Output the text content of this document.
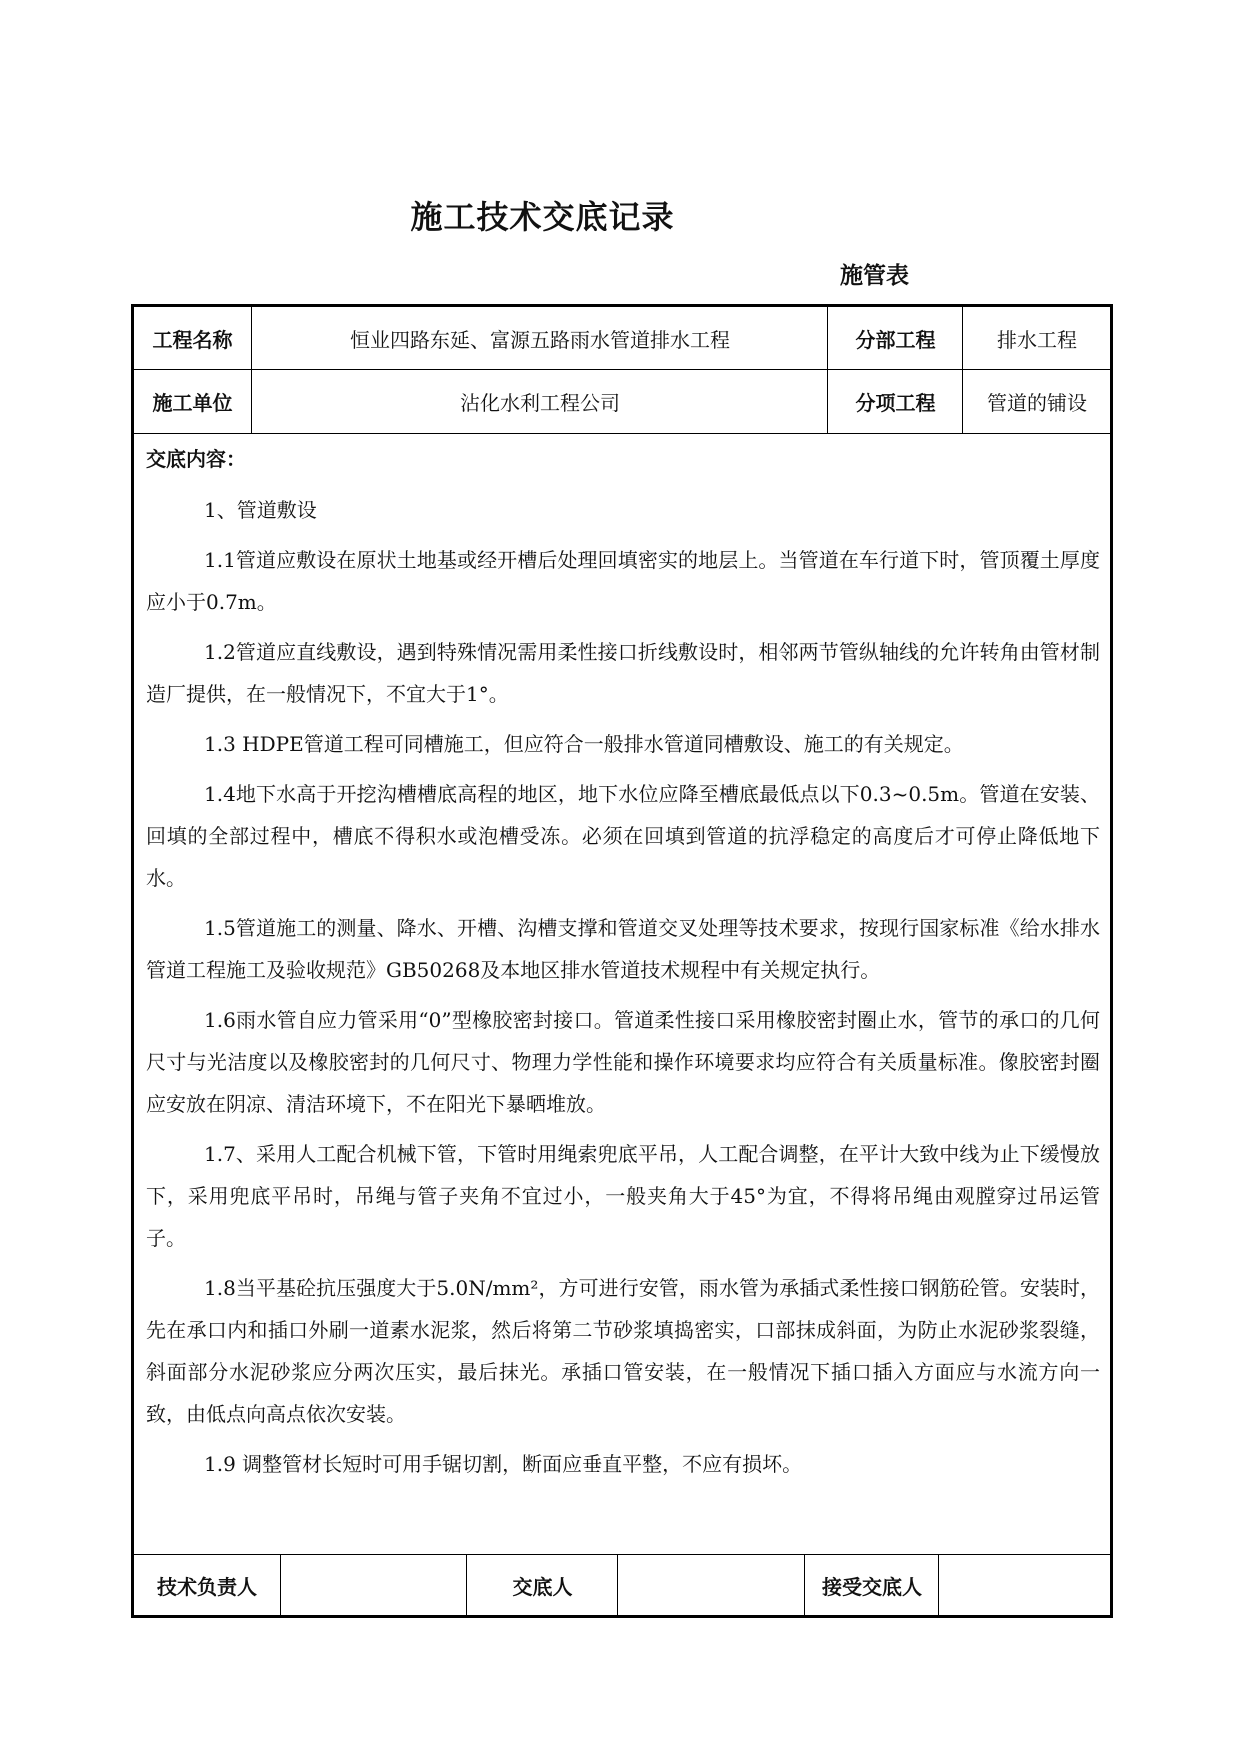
施工技术交底记录
施管表
工程名称	恒业四路东延、富源五路雨水管道排水工程	分部工程	排水工程
施工单位	沾化水利工程公司	分项工程	管道的铺设
交底内容：

1、管道敷设

1.1管道应敷设在原状土地基或经开槽后处理回填密实的地层上。当管道在车行道下时，管顶覆土厚度应小于0.7m。

1.2管道应直线敷设，遇到特殊情况需用柔性接口折线敷设时，相邻两节管纵轴线的允许转角由管材制造厂提供，在一般情况下，不宜大于1°。

1.3 HDPE管道工程可同槽施工，但应符合一般排水管道同槽敷设、施工的有关规定。

1.4地下水高于开挖沟槽槽底高程的地区，地下水位应降至槽底最低点以下0.3~0.5m。管道在安装、回填的全部过程中，槽底不得积水或泡槽受冻。必须在回填到管道的抗浮稳定的高度后才可停止降低地下水。

1.5管道施工的测量、降水、开槽、沟槽支撑和管道交叉处理等技术要求，按现行国家标准《给水排水管道工程施工及验收规范》GB50268及本地区排水管道技术规程中有关规定执行。

1.6雨水管自应力管采用“0”型橡胶密封接口。管道柔性接口采用橡胶密封圈止水，管节的承口的几何尺寸与光洁度以及橡胶密封的几何尺寸、物理力学性能和操作环境要求均应符合有关质量标准。像胶密封圈应安放在阴凉、清洁环境下，不在阳光下暴晒堆放。

1.7、采用人工配合机械下管，下管时用绳索兜底平吊，人工配合调整，在平计大致中线为止下缓慢放下，采用兜底平吊时，吊绳与管子夹角不宜过小，一般夹角大于45°为宜，不得将吊绳由观膛穿过吊运管子。

1.8当平基砼抗压强度大于5.0N/mm²，方可进行安管，雨水管为承插式柔性接口钢筋砼管。安装时，先在承口内和插口外刷一道素水泥浆，然后将第二节砂浆填捣密实，口部抹成斜面，为防止水泥砂浆裂缝，斜面部分水泥砂浆应分两次压实，最后抹光。承插口管安装，在一般情况下插口插入方面应与水流方向一致，由低点向高点依次安装。

1.9 调整管材长短时可用手锯切割，断面应垂直平整，不应有损坏。

技术负责人	交底人	接受交底人
